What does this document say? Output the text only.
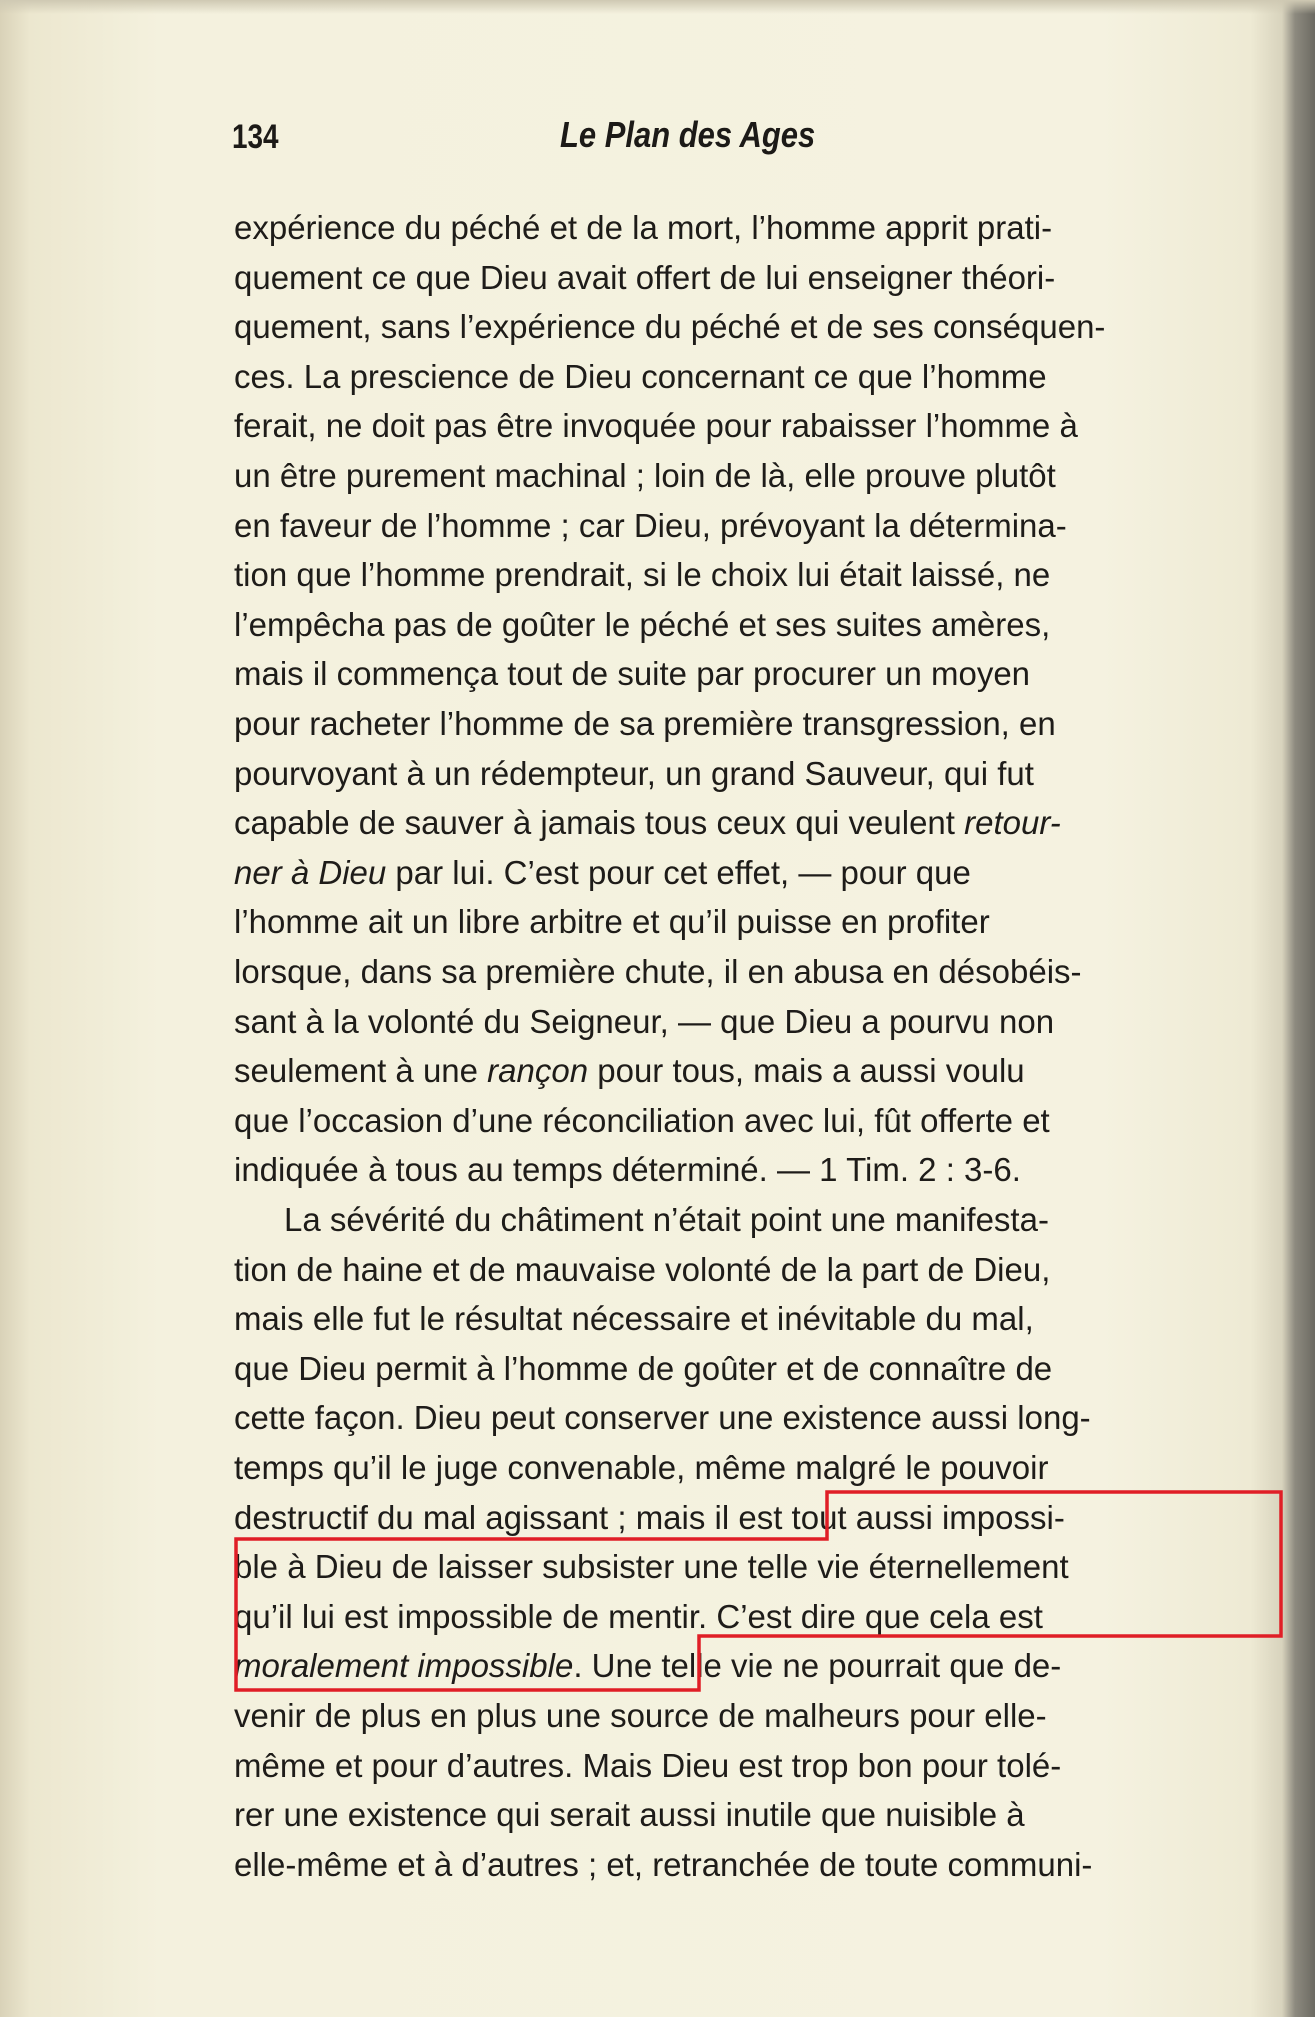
134	Le Plan des Ages
expérience du péché et de la mort, l’homme apprit prati-
quement ce que Dieu avait offert de lui enseigner théori-
quement, sans l’expérience du péché et de ses conséquen-
ces. La prescience de Dieu concernant ce que l’homme
ferait, ne doit pas être invoquée pour rabaisser l’homme à
un être purement machinal ; loin de là, elle prouve plutôt
en faveur de l’homme ; car Dieu, prévoyant la détermina-
tion que l’homme prendrait, si le choix lui était laissé, ne
l’empêcha pas de goûter le péché et ses suites amères,
mais il commença tout de suite par procurer un moyen
pour racheter l’homme de sa première transgression, en
pourvoyant à un rédempteur, un grand Sauveur, qui fut
capable de sauver à jamais tous ceux qui veulent retour-
ner à Dieu par lui. C’est pour cet effet, — pour que
l’homme ait un libre arbitre et qu’il puisse en profiter
lorsque, dans sa première chute, il en abusa en désobéis-
sant à la volonté du Seigneur, — que Dieu a pourvu non
seulement à une rançon pour tous, mais a aussi voulu
que l’occasion d’une réconciliation avec lui, fût offerte et
indiquée à tous au temps déterminé. — 1 Tim. 2 : 3-6.
La sévérité du châtiment n’était point une manifesta-
tion de haine et de mauvaise volonté de la part de Dieu,
mais elle fut le résultat nécessaire et inévitable du mal,
que Dieu permit à l’homme de goûter et de connaître de
cette façon. Dieu peut conserver une existence aussi long-
temps qu’il le juge convenable, même malgré le pouvoir
destructif du mal agissant ; mais il est tout aussi impossi-
ble à Dieu de laisser subsister une telle vie éternellement
qu’il lui est impossible de mentir. C’est dire que cela est
moralement impossible. Une telle vie ne pourrait que de-
venir de plus en plus une source de malheurs pour elle-
même et pour d’autres. Mais Dieu est trop bon pour tolé-
rer une existence qui serait aussi inutile que nuisible à
elle-même et à d’autres ; et, retranchée de toute communi-
